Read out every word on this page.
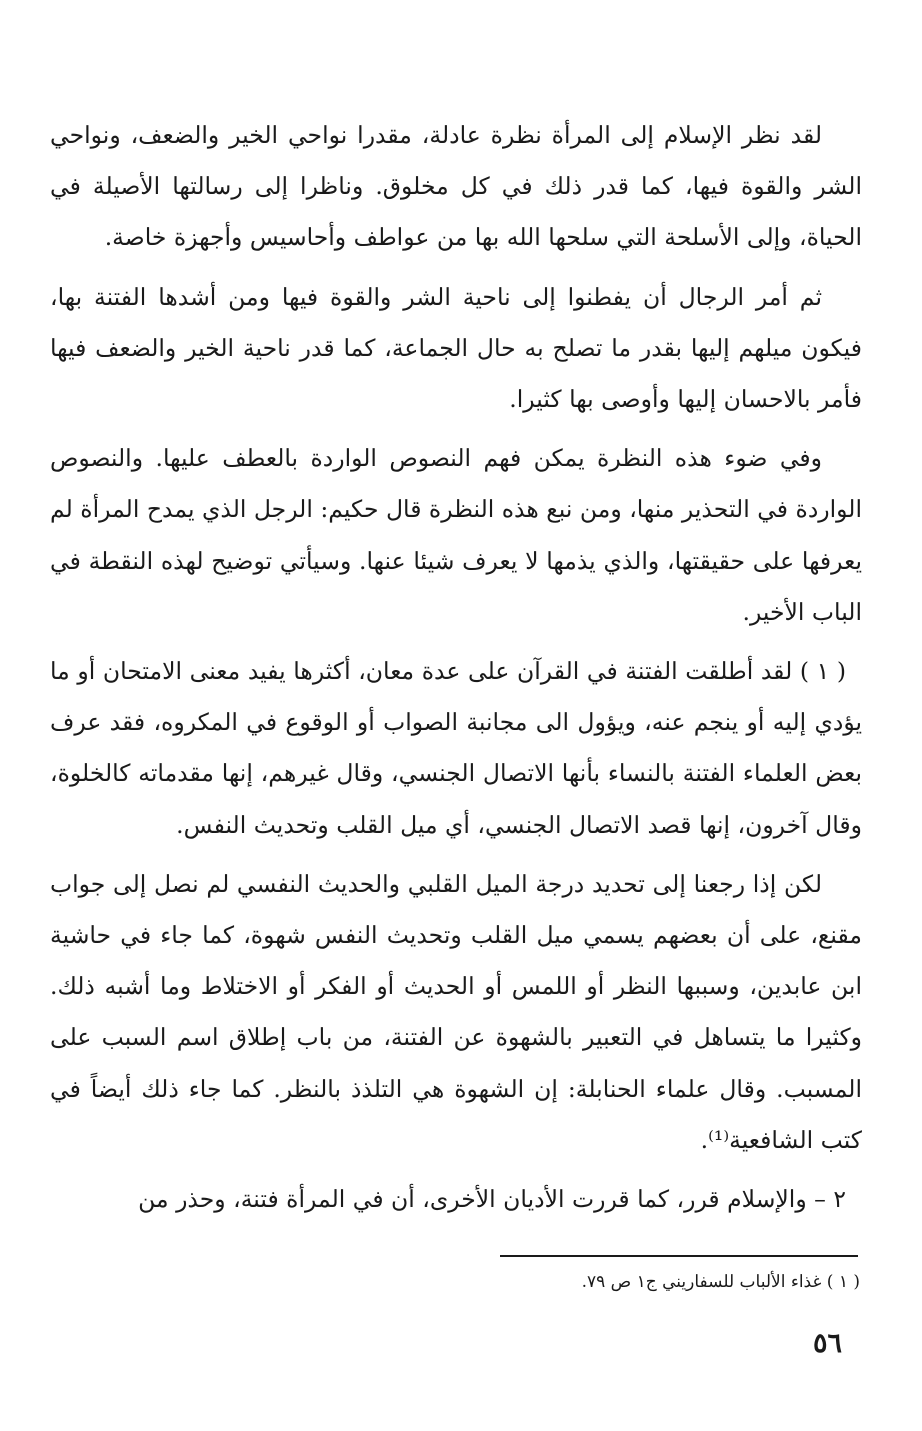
لقد نظر الإسلام إلى المرأة نظرة عادلة، مقدرا نواحي الخير والضعف، ونواحي الشر والقوة فيها، كما قدر ذلك في كل مخلوق. وناظرا إلى رسالتها الأصيلة في الحياة، وإلى الأسلحة التي سلحها الله بها من عواطف وأحاسيس وأجهزة خاصة.

ثم أمر الرجال أن يفطنوا إلى ناحية الشر والقوة فيها ومن أشدها الفتنة بها، فيكون ميلهم إليها بقدر ما تصلح به حال الجماعة، كما قدر ناحية الخير والضعف فيها فأمر بالاحسان إليها وأوصى بها كثيرا.

وفي ضوء هذه النظرة يمكن فهم النصوص الواردة بالعطف عليها. والنصوص الواردة في التحذير منها، ومن نبع هذه النظرة قال حكيم: الرجل الذي يمدح المرأة لم يعرفها على حقيقتها، والذي يذمها لا يعرف شيئا عنها. وسيأتي توضيح لهذه النقطة في الباب الأخير.

( ١ ) لقد أطلقت الفتنة في القرآن على عدة معان، أكثرها يفيد معنى الامتحان أو ما يؤدي إليه أو ينجم عنه، ويؤول الى مجانبة الصواب أو الوقوع في المكروه، فقد عرف بعض العلماء الفتنة بالنساء بأنها الاتصال الجنسي، وقال غيرهم، إنها مقدماته كالخلوة، وقال آخرون، إنها قصد الاتصال الجنسي، أي ميل القلب وتحديث النفس.

لكن إذا رجعنا إلى تحديد درجة الميل القلبي والحديث النفسي لم نصل إلى جواب مقنع، على أن بعضهم يسمي ميل القلب وتحديث النفس شهوة، كما جاء في حاشية ابن عابدين، وسببها النظر أو اللمس أو الحديث أو الفكر أو الاختلاط وما أشبه ذلك. وكثيرا ما يتساهل في التعبير بالشهوة عن الفتنة، من باب إطلاق اسم السبب على المسبب. وقال علماء الحنابلة: إن الشهوة هي التلذذ بالنظر. كما جاء ذلك أيضاً في كتب الشافعية⁽¹⁾.

٢ – والإسلام قرر، كما قررت الأديان الأخرى، أن في المرأة فتنة، وحذر من

( ١ ) غذاء الألباب للسفاريني ج١ ص ٧٩.
٥٦
